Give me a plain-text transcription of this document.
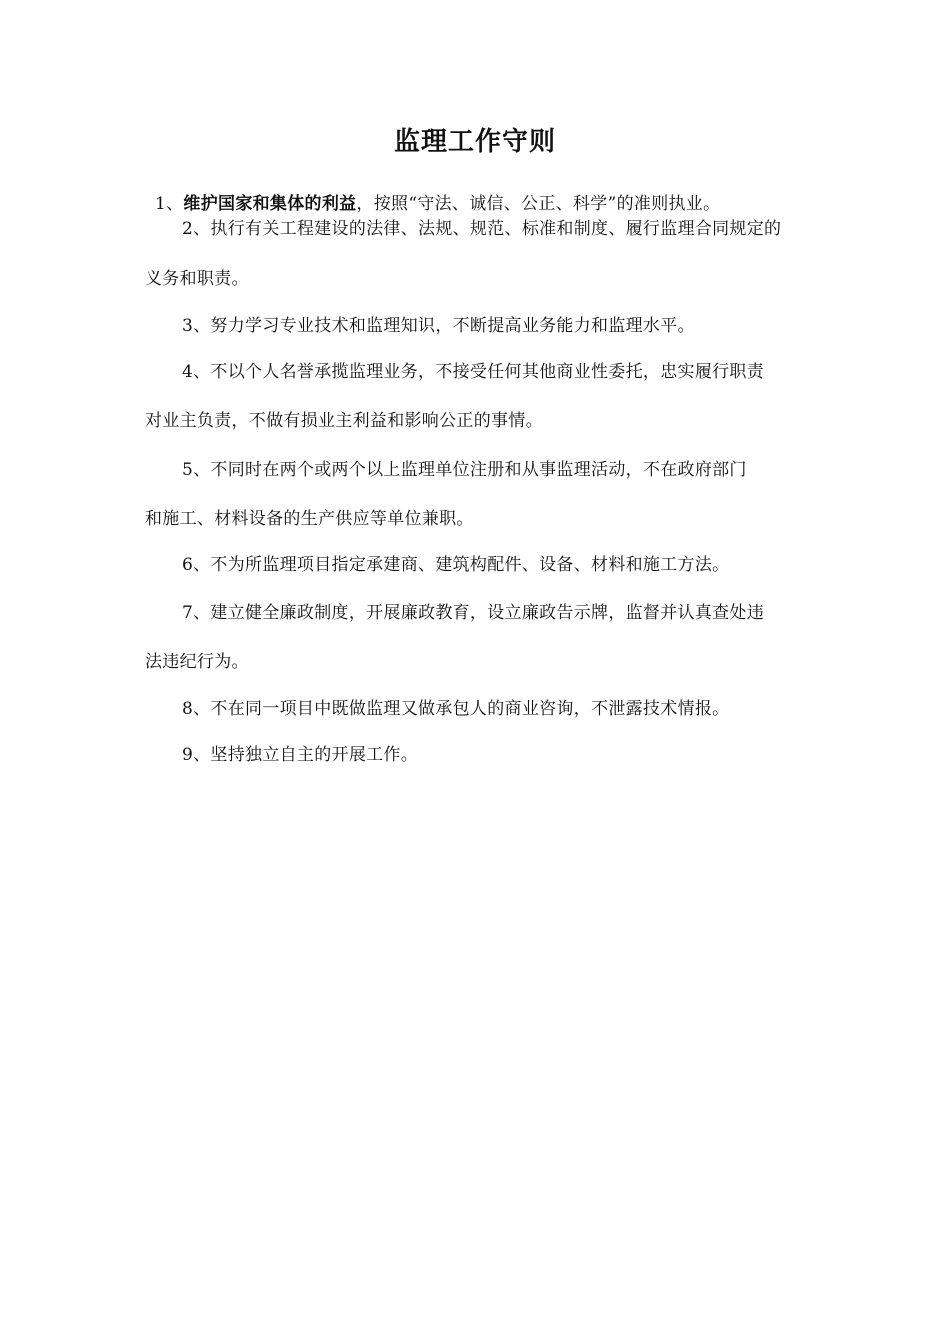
监理工作守则
1、维护国家和集体的利益，按照“守法、诚信、公正、科学”的准则执业。
2、执行有关工程建设的法律、法规、规范、标准和制度、履行监理合同规定的
义务和职责。
3、努力学习专业技术和监理知识，不断提高业务能力和监理水平。
4、不以个人名誉承揽监理业务，不接受任何其他商业性委托，忠实履行职责
对业主负责，不做有损业主利益和影响公正的事情。
5、不同时在两个或两个以上监理单位注册和从事监理活动，不在政府部门
和施工、材料设备的生产供应等单位兼职。
6、不为所监理项目指定承建商、建筑构配件、设备、材料和施工方法。
7、建立健全廉政制度，开展廉政教育，设立廉政告示牌，监督并认真查处违
法违纪行为。
8、不在同一项目中既做监理又做承包人的商业咨询，不泄露技术情报。
9、坚持独立自主的开展工作。
